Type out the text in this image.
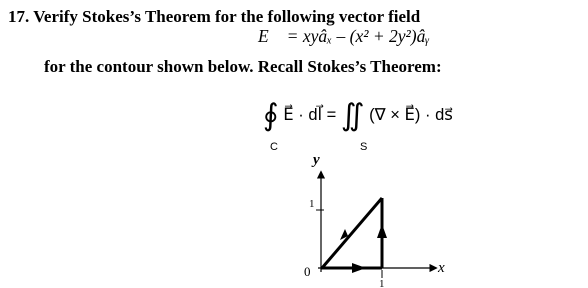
17. Verify Stokes’s Theorem for the following vector field
E⃗ = xyâₓ – (x² + 2y²)âᵧ
for the contour shown below. Recall Stokes’s Theorem:
∮ E⃗ · dl⃗ = ∬ (∇ × E⃗) · ds⃗
C	S
y
x
0
1
1
